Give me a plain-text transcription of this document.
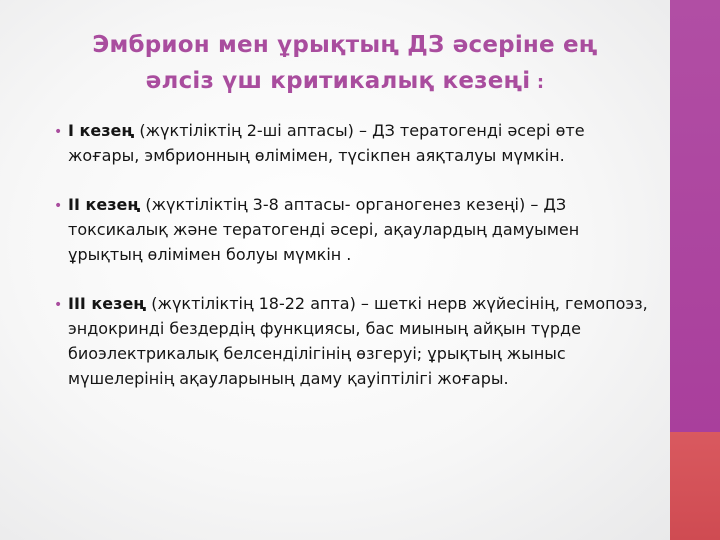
Эмбрион мен ұрықтың ДЗ әсеріне ең
әлсіз үш критикалық кезеңі :
• I кезең (жүктіліктің 2-ші аптасы) – ДЗ тератогенді әсері өте жоғары, эмбрионның өлімімен, түсікпен аяқталуы мүмкін.
• II кезең (жүктіліктің 3-8 аптасы- органогенез кезеңі) – ДЗ токсикалық және тератогенді әсері, ақаулардың дамуымен ұрықтың өлімімен болуы мүмкін .
• III кезең (жүктіліктің 18-22 апта) – шеткі нерв жүйесінің, гемопоэз, эндокринді бездердің функциясы, бас миының айқын түрде биоэлектрикалық белсенділігінің өзгеруі; ұрықтың жыныс мүшелерінің ақауларының даму қауіптілігі жоғары.
